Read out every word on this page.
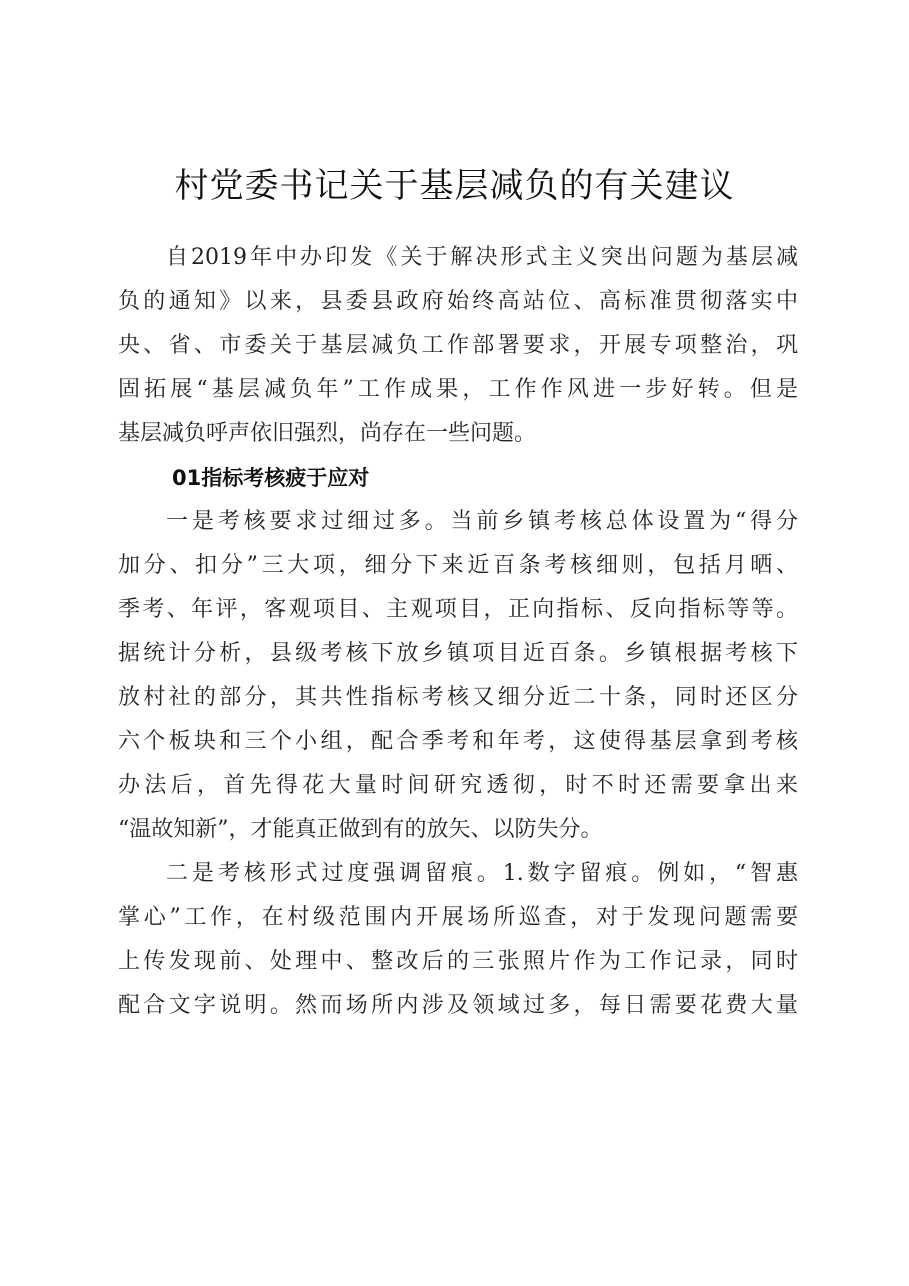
村党委书记关于基层减负的有关建议
自2019年中办印发《关于解决形式主义突出问题为基层减
负的通知》以来，县委县政府始终高站位、高标准贯彻落实中
央、省、市委关于基层减负工作部署要求，开展专项整治，巩
固拓展“基层减负年”工作成果，工作作风进一步好转。但是
基层减负呼声依旧强烈，尚存在一些问题。
01指标考核疲于应对
一是考核要求过细过多。当前乡镇考核总体设置为“得分
加分、扣分”三大项，细分下来近百条考核细则，包括月晒、
季考、年评，客观项目、主观项目，正向指标、反向指标等等。
据统计分析，县级考核下放乡镇项目近百条。乡镇根据考核下
放村社的部分，其共性指标考核又细分近二十条，同时还区分
六个板块和三个小组，配合季考和年考，这使得基层拿到考核
办法后，首先得花大量时间研究透彻，时不时还需要拿出来
“温故知新”，才能真正做到有的放矢、以防失分。
二是考核形式过度强调留痕。1.数字留痕。例如，“智惠
掌心”工作，在村级范围内开展场所巡查，对于发现问题需要
上传发现前、处理中、整改后的三张照片作为工作记录，同时
配合文字说明。然而场所内涉及领域过多，每日需要花费大量
